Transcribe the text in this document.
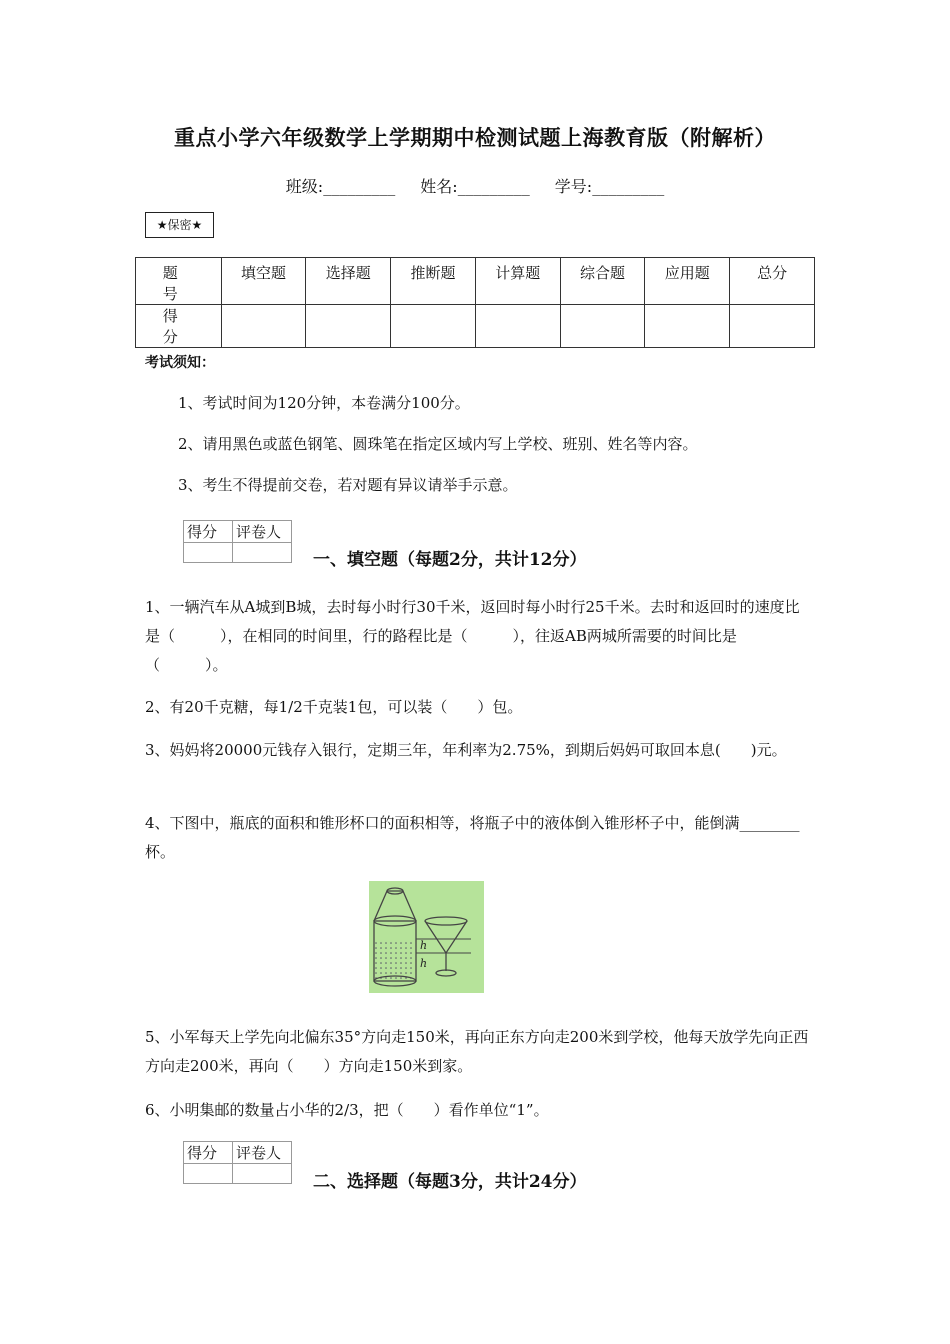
重点小学六年级数学上学期期中检测试题上海教育版（附解析）
班级:_________ 姓名:_________ 学号:_________
★保密★
题　号	填空题	选择题	推断题	计算题	综合题	应用题	总分
得　分							
考试须知：
1、考试时间为120分钟，本卷满分100分。
2、请用黑色或蓝色钢笔、圆珠笔在指定区域内写上学校、班别、姓名等内容。
3、考生不得提前交卷，若对题有异议请举手示意。
得分	评卷人

一、填空题（每题2分，共计12分）
1、一辆汽车从A城到B城，去时每小时行30千米，返回时每小时行25千米。去时和返回时的速度比是（　　　），在相同的时间里，行的路程比是（　　　），往返AB两城所需要的时间比是（　　　）。
2、有20千克糖，每1/2千克装1包，可以装（　　）包。
3、妈妈将20000元钱存入银行，定期三年，年利率为2.75%，到期后妈妈可取回本息(　　)元。
4、下图中，瓶底的面积和锥形杯口的面积相等，将瓶子中的液体倒入锥形杯子中，能倒满________杯。
h
h
5、小军每天上学先向北偏东35°方向走150米，再向正东方向走200米到学校，他每天放学先向正西方向走200米，再向（　　）方向走150米到家。
6、小明集邮的数量占小华的2/3，把（　　）看作单位“1”。
得分	评卷人

二、选择题（每题3分，共计24分）
